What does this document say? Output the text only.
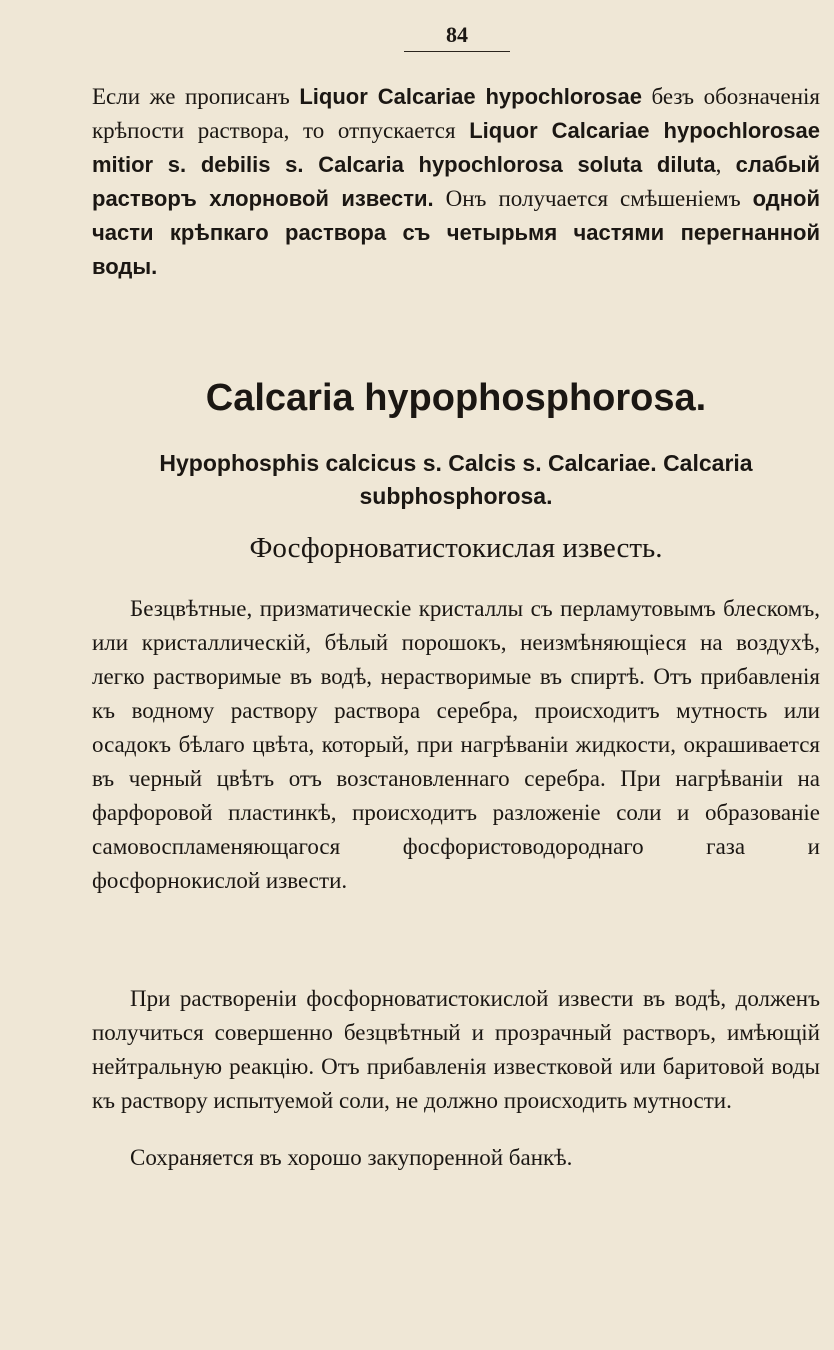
84

Если же прописанъ Liquor Calcariae hypochlorosae безъ обозначенія крѣпости раствора, то отпускается Liquor Calcariae hypochlorosae mitior s. debilis s. Calcaria hypochlorosa soluta diluta, слабый растворъ хлорновой извести. Онъ получается смѣшеніемъ одной части крѣпкаго раствора съ четырьмя частями перегнанной воды.

Calcaria hypophosphorosa.

Hypophosphis calcicus s. Calcis s. Calcariae. Calcaria subphosphorosa.

Фосфорноватистокислая известь.

Безцвѣтные, призматическіе кристаллы съ перламутовымъ блескомъ, или кристаллическій, бѣлый порошокъ, неизмѣняющіеся на воздухѣ, легко растворимые въ водѣ, нерастворимые въ спиртѣ. Отъ прибавленія къ водному раствору раствора серебра, происходитъ мутность или осадокъ бѣлаго цвѣта, который, при нагрѣваніи жидкости, окрашивается въ черный цвѣтъ отъ возстановленнаго серебра. При нагрѣваніи на фарфоровой пластинкѣ, происходитъ разложеніе соли и образованіе самовоспламеняющагося фосфористоводороднаго газа и фосфорнокислой извести.

При раствореніи фосфорноватистокислой извести въ водѣ, долженъ получиться совершенно безцвѣтный и прозрачный растворъ, имѣющій нейтральную реакцію. Отъ прибавленія известковой или баритовой воды къ раствору испытуемой соли, не должно происходить мутности.

Сохраняется въ хорошо закупоренной банкѣ.
